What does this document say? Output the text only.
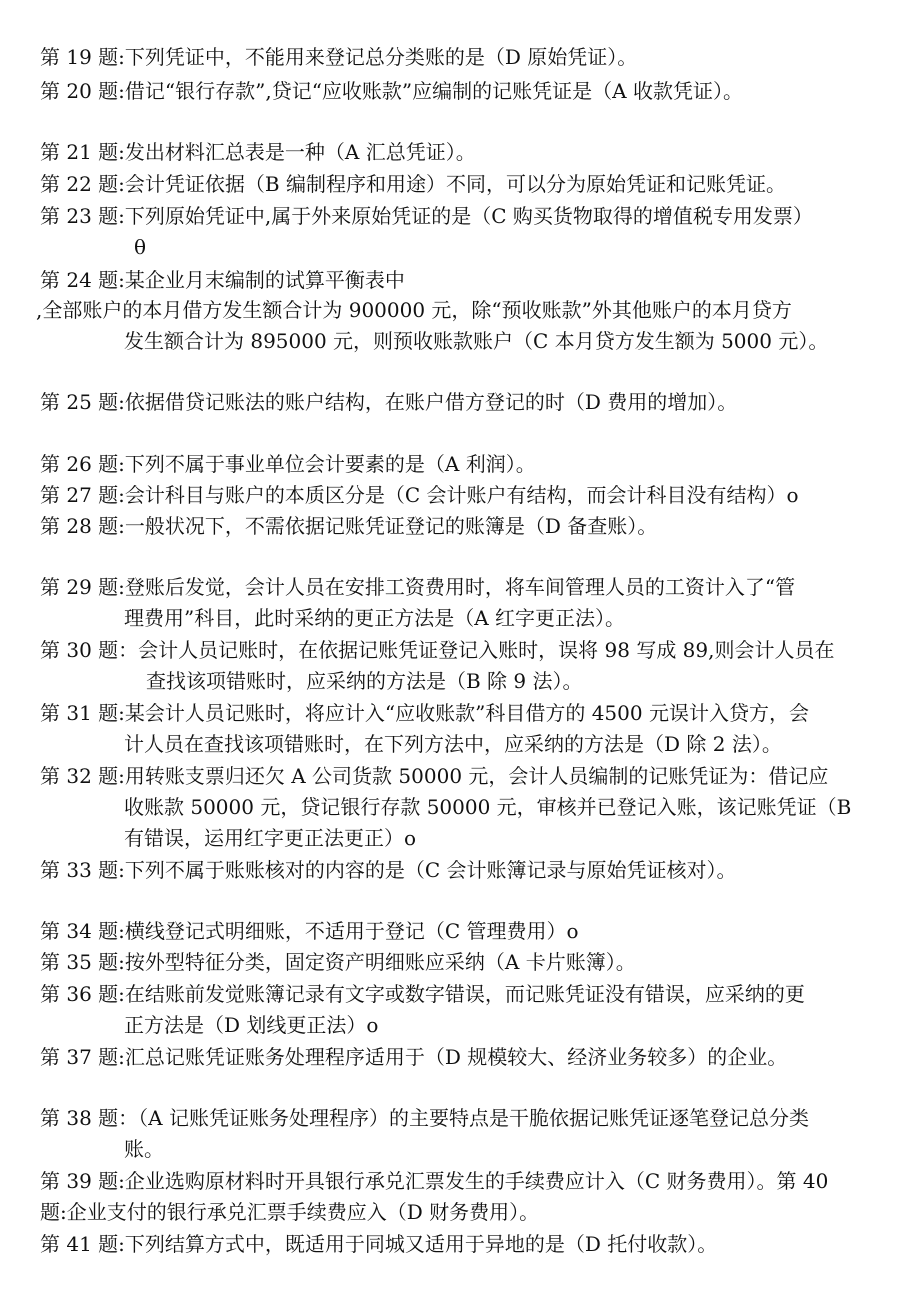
第 19 题:下列凭证中，不能用来登记总分类账的是（D 原始凭证）。
第 20 题:借记“银行存款”,贷记“应收账款”应编制的记账凭证是（A 收款凭证）。
第 21 题:发出材料汇总表是一种（A 汇总凭证）。
第 22 题:会计凭证依据（B 编制程序和用途）不同，可以分为原始凭证和记账凭证。
第 23 题:下列原始凭证中,属于外来原始凭证的是（C 购买货物取得的增值税专用发票）
θ
第 24 题:某企业月末编制的试算平衡表中
,全部账户的本月借方发生额合计为 900000 元，除“预收账款”外其他账户的本月贷方
发生额合计为 895000 元，则预收账款账户（C 本月贷方发生额为 5000 元）。
第 25 题:依据借贷记账法的账户结构，在账户借方登记的时（D 费用的增加）。
第 26 题:下列不属于事业单位会计要素的是（A 利润）。
第 27 题:会计科目与账户的本质区分是（C 会计账户有结构，而会计科目没有结构）o
第 28 题:一般状况下，不需依据记账凭证登记的账簿是（D 备查账）。
第 29 题:登账后发觉，会计人员在安排工资费用时，将车间管理人员的工资计入了“管
理费用”科目，此时采纳的更正方法是（A 红字更正法）。
第 30 题：会计人员记账时，在依据记账凭证登记入账时，误将 98 写成 89,则会计人员在
查找该项错账时，应采纳的方法是（B 除 9 法）。
第 31 题:某会计人员记账时，将应计入“应收账款”科目借方的 4500 元误计入贷方，会
计人员在查找该项错账时，在下列方法中，应采纳的方法是（D 除 2 法）。
第 32 题:用转账支票归还欠 A 公司货款 50000 元，会计人员编制的记账凭证为：借记应
收账款 50000 元，贷记银行存款 50000 元，审核并已登记入账，该记账凭证（B
有错误，运用红字更正法更正）o
第 33 题:下列不属于账账核对的内容的是（C 会计账簿记录与原始凭证核对）。
第 34 题:横线登记式明细账，不适用于登记（C 管理费用）o
第 35 题:按外型特征分类，固定资产明细账应采纳（A 卡片账簿）。
第 36 题:在结账前发觉账簿记录有文字或数字错误，而记账凭证没有错误，应采纳的更
正方法是（D 划线更正法）o
第 37 题:汇总记账凭证账务处理程序适用于（D 规模较大、经济业务较多）的企业。
第 38 题：（A 记账凭证账务处理程序）的主要特点是干脆依据记账凭证逐笔登记总分类
账。
第 39 题:企业选购原材料时开具银行承兑汇票发生的手续费应计入（C 财务费用）。第 40
题:企业支付的银行承兑汇票手续费应入（D 财务费用）。
第 41 题:下列结算方式中，既适用于同城又适用于异地的是（D 托付收款）。
